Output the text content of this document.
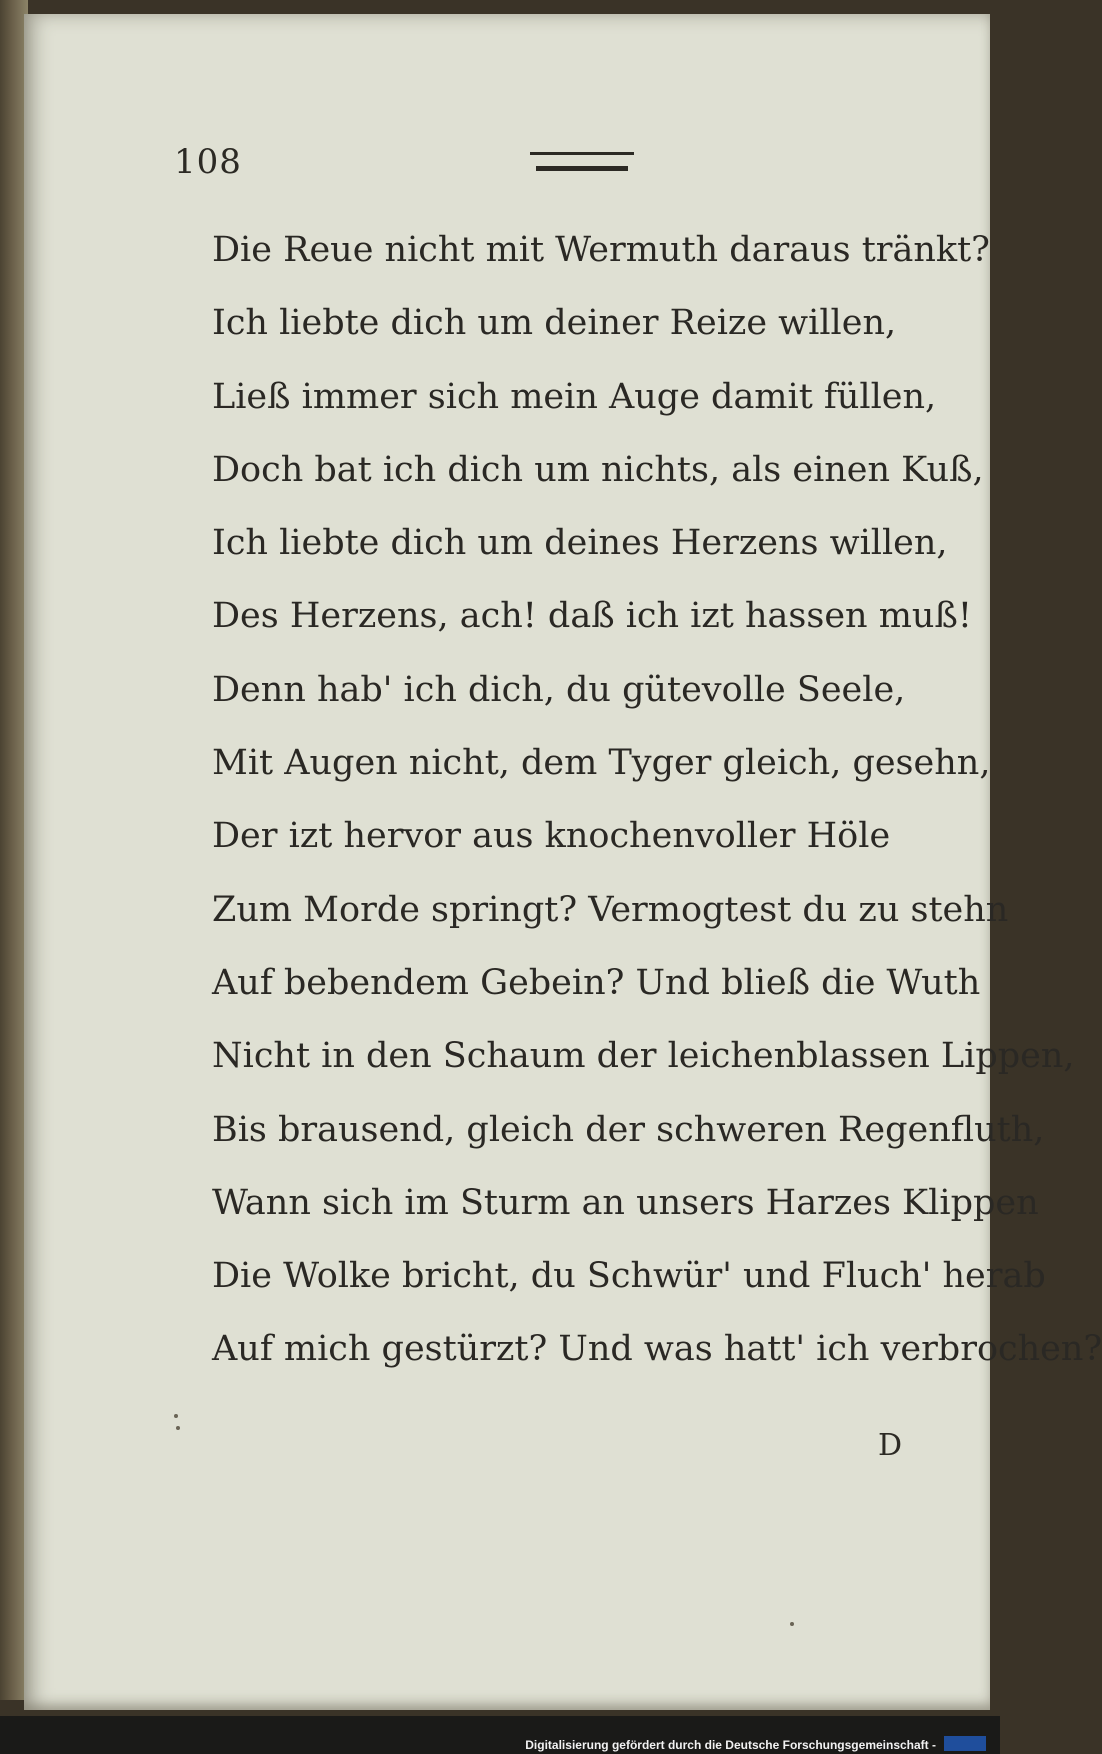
108
Die Reue nicht mit Wermuth daraus tränkt?
Ich liebte dich um deiner Reize willen,
Ließ immer sich mein Auge damit füllen,
Doch bat ich dich um nichts, als einen Kuß,
Ich liebte dich um deines Herzens willen,
Des Herzens, ach! daß ich izt hassen muß!
Denn hab' ich dich, du gütevolle Seele,
Mit Augen nicht, dem Tyger gleich, gesehn,
Der izt hervor aus knochenvoller Höle
Zum Morde springt? Vermogtest du zu stehn
Auf bebendem Gebein? Und bließ die Wuth
Nicht in den Schaum der leichenblassen Lippen,
Bis brausend, gleich der schweren Regenfluth,
Wann sich im Sturm an unsers Harzes Klippen
Die Wolke bricht, du Schwür' und Fluch' herab
Auf mich gestürzt? Und was hatt' ich verbrochen?
D
Digitalisierung gefördert durch die Deutsche Forschungsgemeinschaft -
